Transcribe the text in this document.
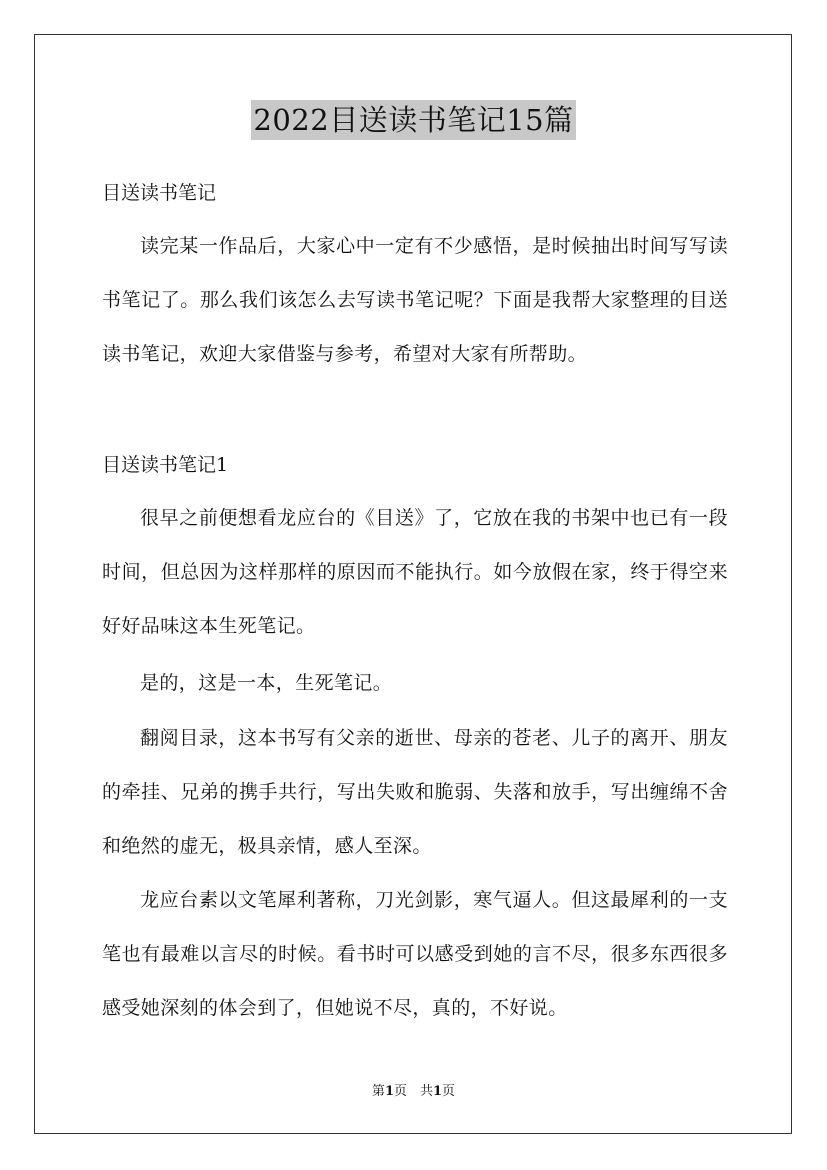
2022目送读书笔记15篇

目送读书笔记

读完某一作品后，大家心中一定有不少感悟，是时候抽出时间写写读书笔记了。那么我们该怎么去写读书笔记呢？下面是我帮大家整理的目送读书笔记，欢迎大家借鉴与参考，希望对大家有所帮助。

目送读书笔记1

很早之前便想看龙应台的《目送》了，它放在我的书架中也已有一段时间，但总因为这样那样的原因而不能执行。如今放假在家，终于得空来好好品味这本生死笔记。

是的，这是一本，生死笔记。

翻阅目录，这本书写有父亲的逝世、母亲的苍老、儿子的离开、朋友的牵挂、兄弟的携手共行，写出失败和脆弱、失落和放手，写出缠绵不舍和绝然的虚无，极具亲情，感人至深。

龙应台素以文笔犀利著称，刀光剑影，寒气逼人。但这最犀利的一支笔也有最难以言尽的时候。看书时可以感受到她的言不尽，很多东西很多感受她深刻的体会到了，但她说不尽，真的，不好说。

第1页　共1页
